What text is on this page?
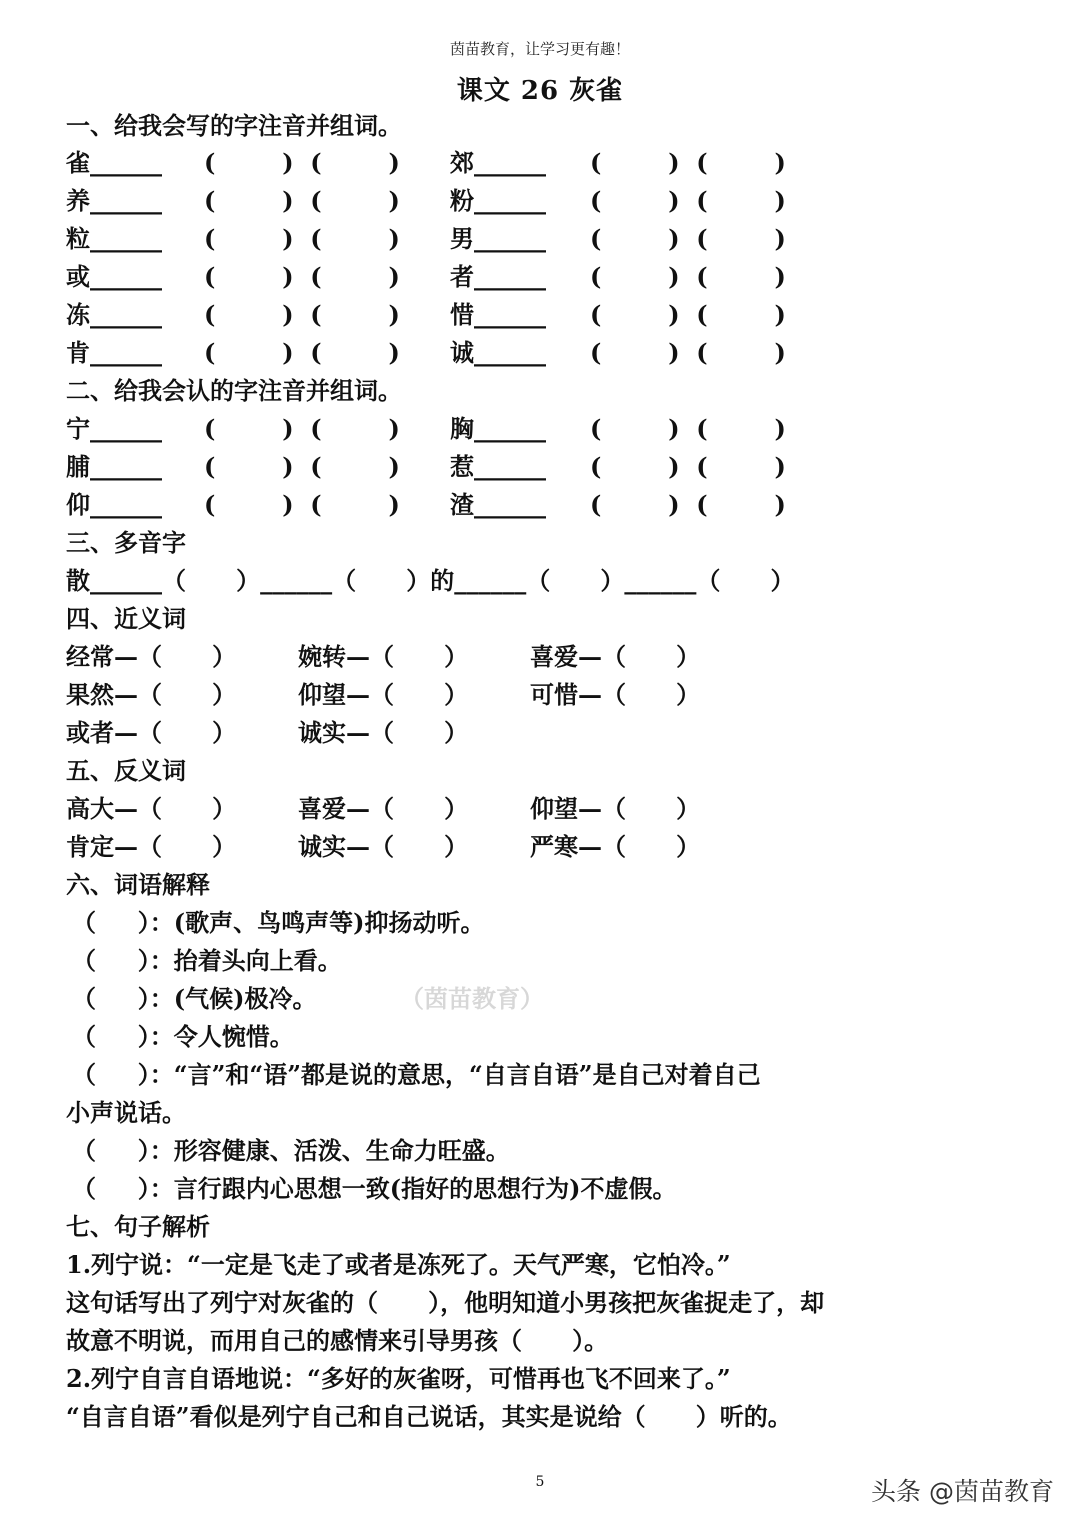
茵苗教育，让学习更有趣！
课文 26 灰雀
一、给我会写的字注音并组词。
雀______ (        )  (        ) 郊______ (        )  (        )
养______ (        )  (        ) 粉______ (        )  (        )
粒______ (        )  (        ) 男______ (        )  (        )
或______ (        )  (        ) 者______ (        )  (        )
冻______ (        )  (        ) 惜______ (        )  (        )
肯______ (        )  (        ) 诚______ (        )  (        )
二、给我会认的字注音并组词。
宁______ (        )  (        ) 胸______ (        )  (        )
脯______ (        )  (        ) 惹______ (        )  (        )
仰______ (        )  (        ) 渣______ (        )  (        )
三、多音字
散______（      ）______（      ）的______（      ）______（      ）
四、近义词
经常—（      ）	婉转—（      ）	喜爱—（      ）
果然—（      ）	仰望—（      ）	可惜—（      ）
或者—（      ）	诚实—（      ）
五、反义词
高大—（      ）	喜爱—（      ）	仰望—（      ）
肯定—（      ）	诚实—（      ）	严寒—（      ）
六、词语解释
（     ）：(歌声、鸟鸣声等)抑扬动听。
（     ）：抬着头向上看。
（     ）：(气候)极冷。	（茵苗教育）
（     ）：令人惋惜。
（     ）：“言”和“语”都是说的意思，“自言自语”是自己对着自己
小声说话。
（     ）：形容健康、活泼、生命力旺盛。
（     ）：言行跟内心思想一致(指好的思想行为)不虚假。
七、句子解析
1.列宁说：“一定是飞走了或者是冻死了。天气严寒，它怕冷。”
这句话写出了列宁对灰雀的（      ），他明知道小男孩把灰雀捉走了，却
故意不明说，而用自己的感情来引导男孩（      ）。
2.列宁自言自语地说：“多好的灰雀呀，可惜再也飞不回来了。”
“自言自语”看似是列宁自己和自己说话，其实是说给（      ）听的。
5	头条 @茵苗教育
